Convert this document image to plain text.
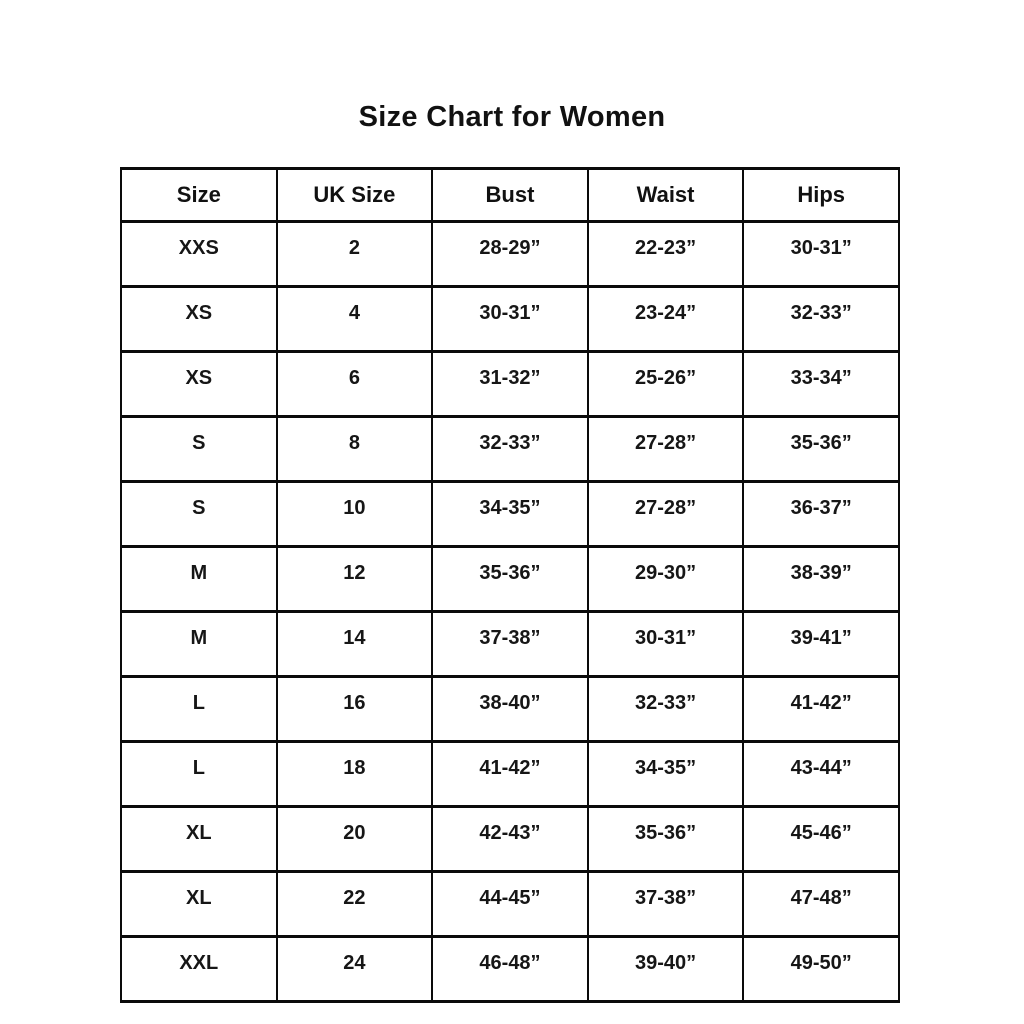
Size Chart for Women
Size	UK Size	Bust	Waist	Hips
XXS	2	28-29”	22-23”	30-31”
XS	4	30-31”	23-24”	32-33”
XS	6	31-32”	25-26”	33-34”
S	8	32-33”	27-28”	35-36”
S	10	34-35”	27-28”	36-37”
M	12	35-36”	29-30”	38-39”
M	14	37-38”	30-31”	39-41”
L	16	38-40”	32-33”	41-42”
L	18	41-42”	34-35”	43-44”
XL	20	42-43”	35-36”	45-46”
XL	22	44-45”	37-38”	47-48”
XXL	24	46-48”	39-40”	49-50”
